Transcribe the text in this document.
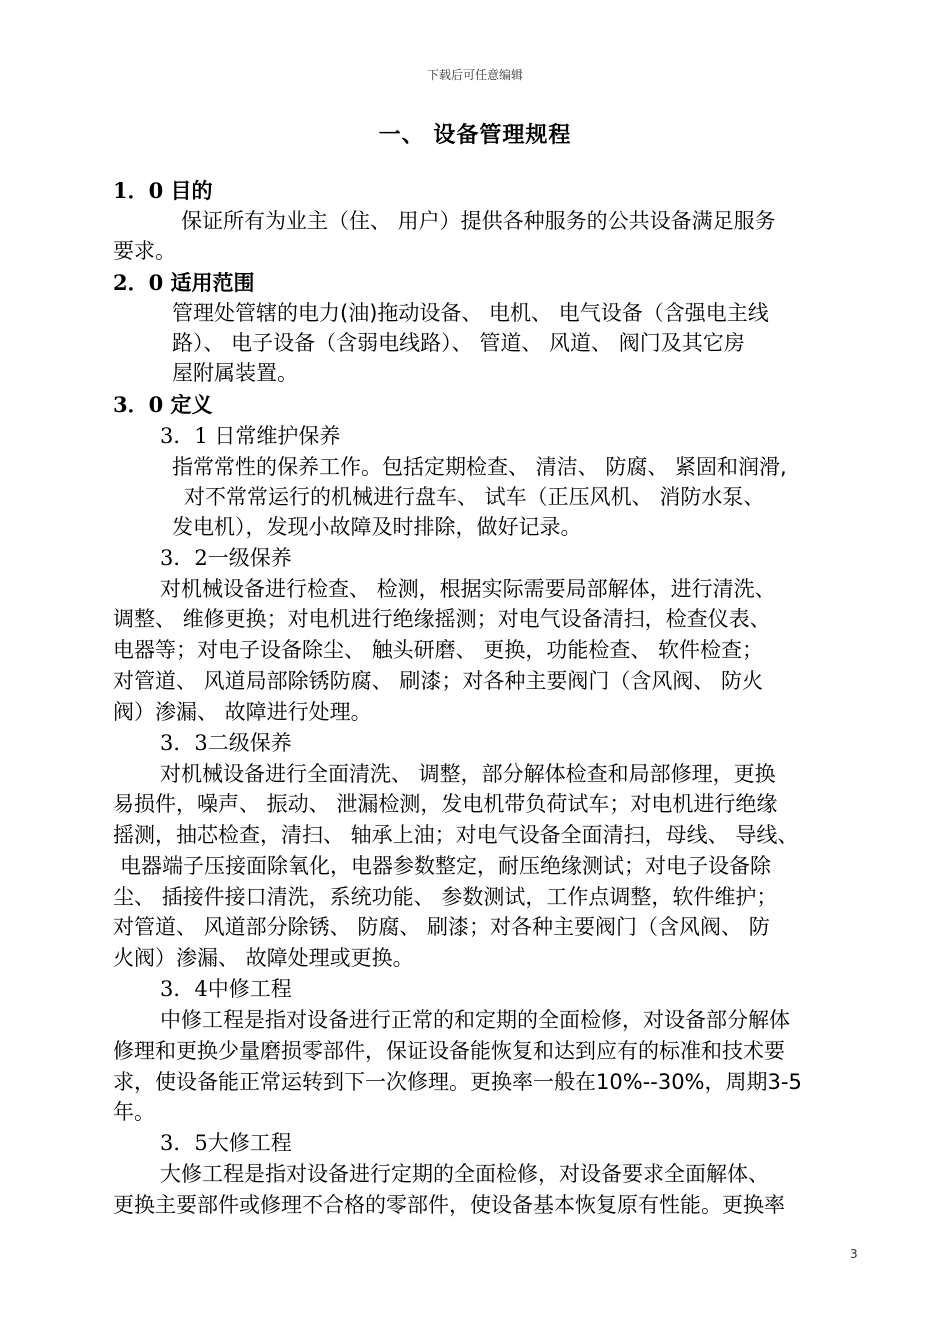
下载后可任意编辑
一、 设备管理规程
1．0 目的
保证所有为业主（住、 用户）提供各种服务的公共设备满足服务
要求。
2．0 适用范围
管理处管辖的电力(油)拖动设备、 电机、 电气设备（含强电主线
路）、 电子设备（含弱电线路）、 管道、 风道、 阀门及其它房
屋附属装置。
3．0 定义
3．1 日常维护保养
指常常性的保养工作。包括定期检查、 清洁、 防腐、 紧固和润滑,
对不常常运行的机械进行盘车、 试车（正压风机、 消防水泵、
发电机），发现小故障及时排除，做好记录。
3．2一级保养
对机械设备进行检查、 检测，根据实际需要局部解体，进行清洗、
调整、 维修更换；对电机进行绝缘摇测；对电气设备清扫，检查仪表、
电器等；对电子设备除尘、 触头研磨、 更换，功能检查、 软件检查；
对管道、 风道局部除锈防腐、 刷漆；对各种主要阀门（含风阀、 防火
阀）渗漏、 故障进行处理。
3．3二级保养
对机械设备进行全面清洗、 调整，部分解体检查和局部修理，更换
易损件，噪声、 振动、 泄漏检测，发电机带负荷试车；对电机进行绝缘
摇测，抽芯检查，清扫、 轴承上油；对电气设备全面清扫，母线、 导线、
电器端子压接面除氧化，电器参数整定，耐压绝缘测试；对电子设备除
尘、 插接件接口清洗，系统功能、 参数测试，工作点调整，软件维护；
对管道、 风道部分除锈、 防腐、 刷漆；对各种主要阀门（含风阀、 防
火阀）渗漏、 故障处理或更换。
3．4中修工程
中修工程是指对设备进行正常的和定期的全面检修，对设备部分解体
修理和更换少量磨损零部件，保证设备能恢复和达到应有的标准和技术要
求，使设备能正常运转到下一次修理。更换率一般在10%--30%，周期3-5
年。
3．5大修工程
大修工程是指对设备进行定期的全面检修，对设备要求全面解体、
更换主要部件或修理不合格的零部件，使设备基本恢复原有性能。更换率
3
